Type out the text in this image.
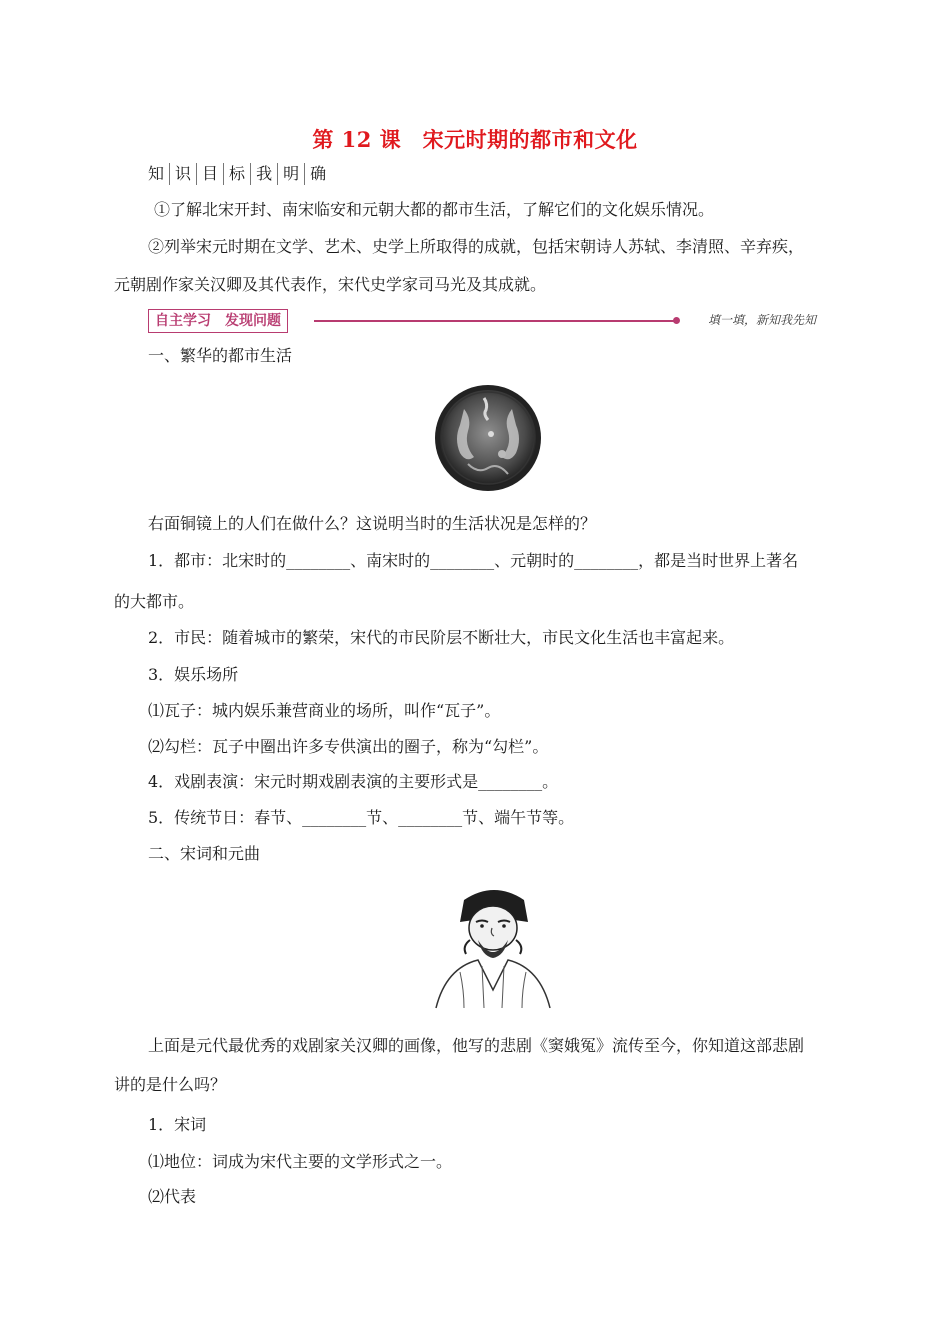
第 12 课　宋元时期的都市和文化
知 识 目 标 我 明 确
①了解北宋开封、南宋临安和元朝大都的都市生活，了解它们的文化娱乐情况。
②列举宋元时期在文学、艺术、史学上所取得的成就，包括宋朝诗人苏轼、李清照、辛弃疾，
元朝剧作家关汉卿及其代表作，宋代史学家司马光及其成就。
自主学习　发现问题	填一填，新知我先知
一、繁华的都市生活
右面铜镜上的人们在做什么？这说明当时的生活状况是怎样的？
1．都市：北宋时的________、南宋时的________、元朝时的________，都是当时世界上著名
的大都市。
2．市民：随着城市的繁荣，宋代的市民阶层不断壮大，市民文化生活也丰富起来。
3．娱乐场所
⑴瓦子：城内娱乐兼营商业的场所，叫作“瓦子”。
⑵勾栏：瓦子中圈出许多专供演出的圈子，称为“勾栏”。
4．戏剧表演：宋元时期戏剧表演的主要形式是________。
5．传统节日：春节、________节、________节、端午节等。
二、宋词和元曲
上面是元代最优秀的戏剧家关汉卿的画像，他写的悲剧《窦娥冤》流传至今，你知道这部悲剧
讲的是什么吗？
1．宋词
⑴地位：词成为宋代主要的文学形式之一。
⑵代表
